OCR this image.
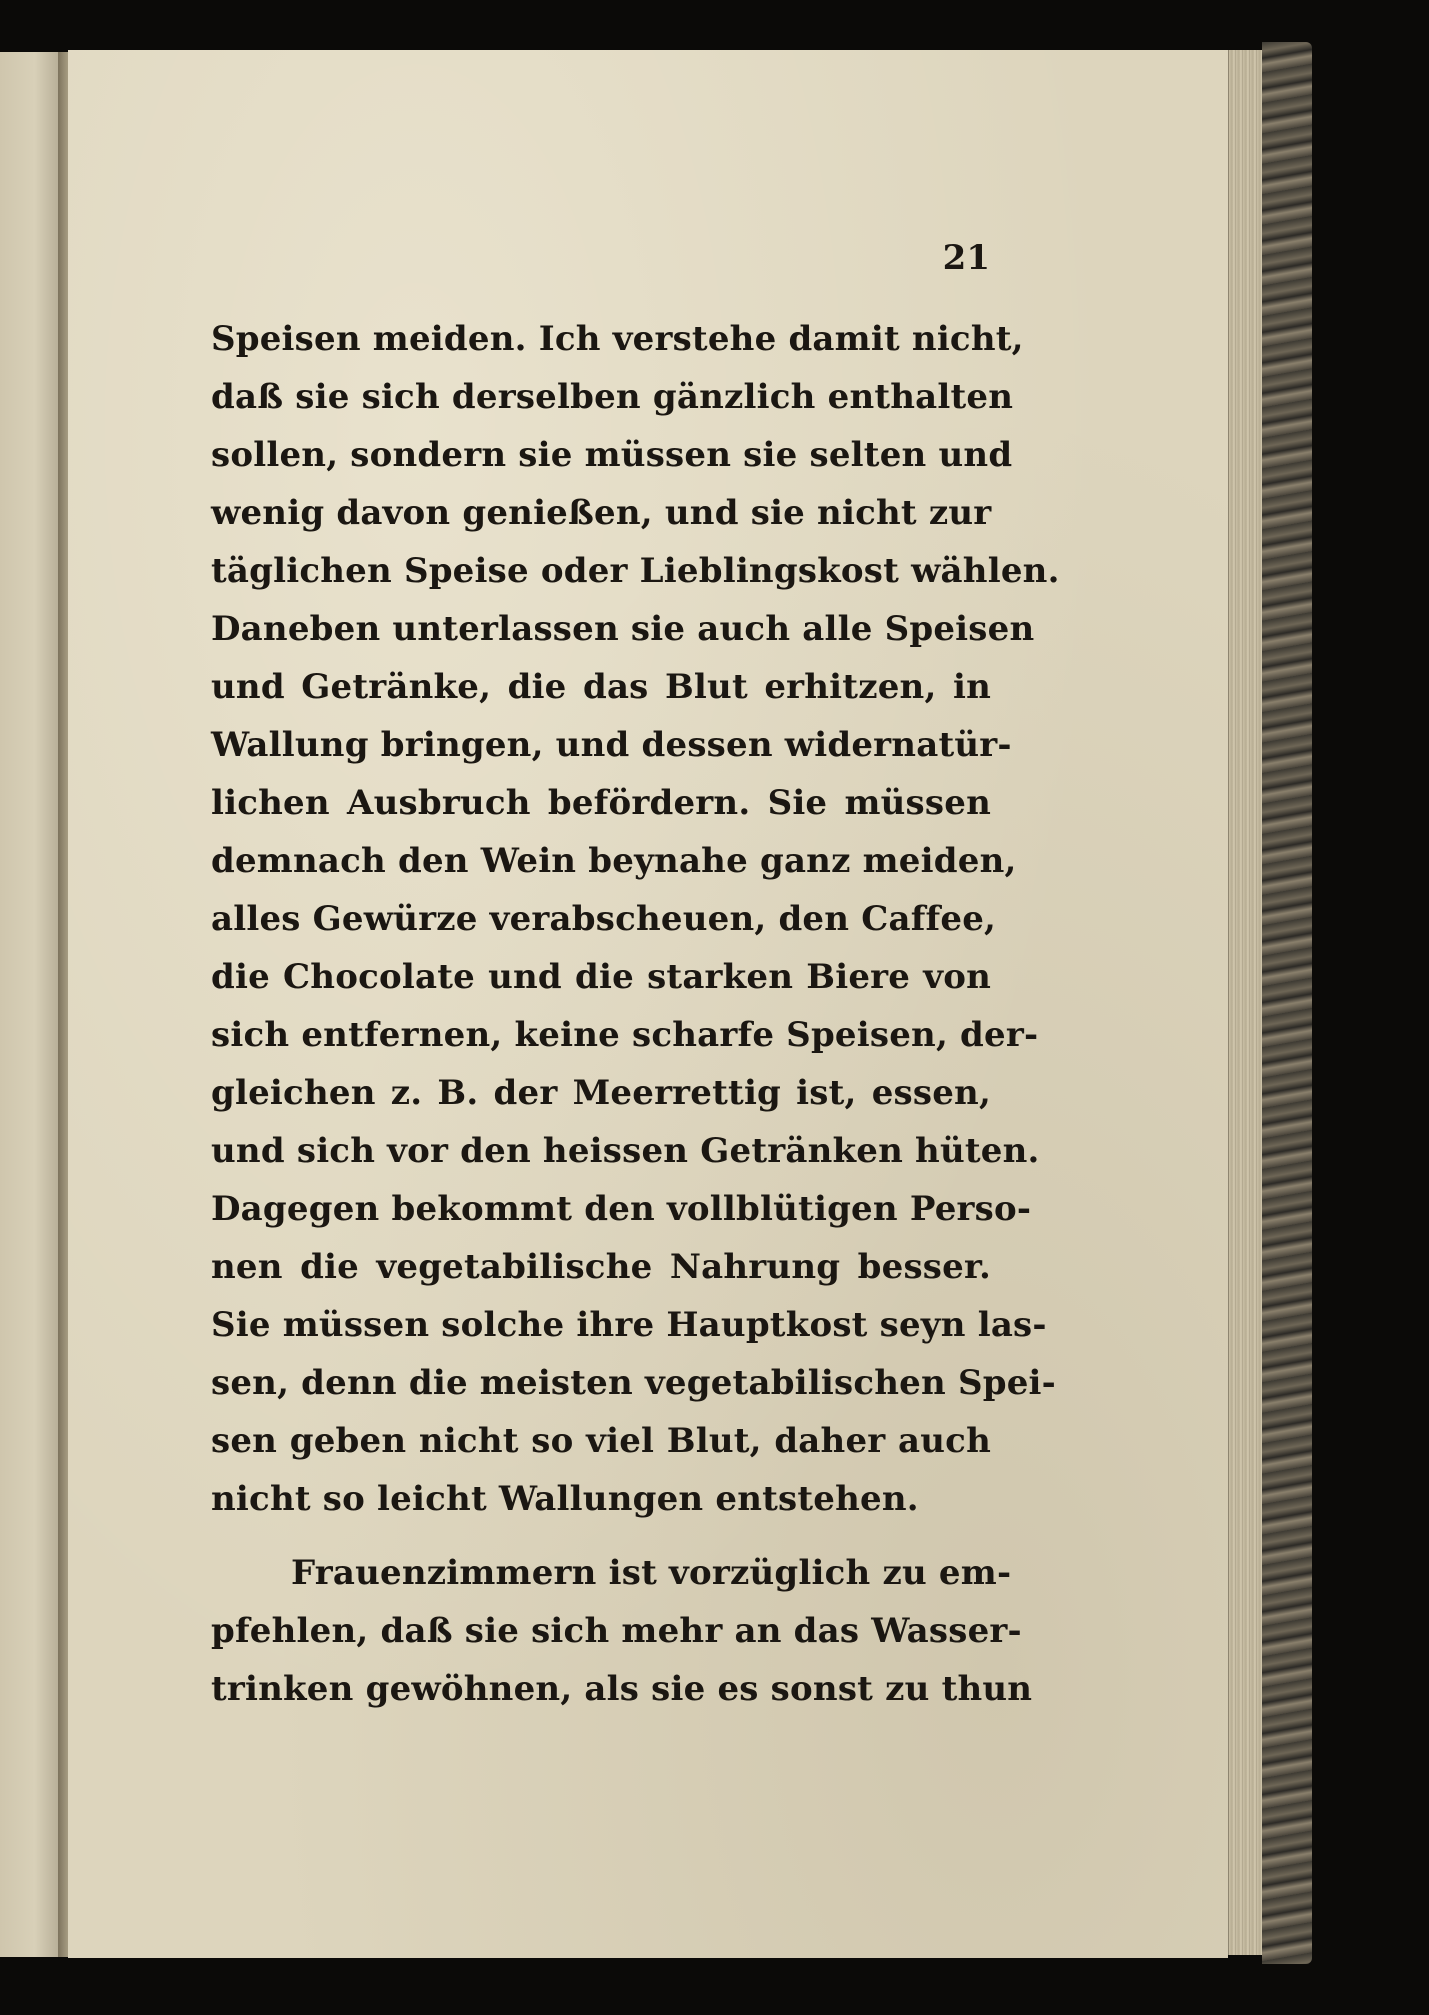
21
Speisen meiden. Ich verstehe damit nicht,
daß sie sich derselben gänzlich enthalten
sollen, sondern sie müssen sie selten und
wenig davon genießen, und sie nicht zur
täglichen Speise oder Lieblingskost wählen.
Daneben unterlassen sie auch alle Speisen
und Getränke, die das Blut erhitzen, in
Wallung bringen, und dessen widernatür-
lichen Ausbruch befördern. Sie müssen
demnach den Wein beynahe ganz meiden,
alles Gewürze verabscheuen, den Caffee,
die Chocolate und die starken Biere von
sich entfernen, keine scharfe Speisen, der-
gleichen z. B. der Meerrettig ist, essen,
und sich vor den heissen Getränken hüten.
Dagegen bekommt den vollblütigen Perso-
nen die vegetabilische Nahrung besser.
Sie müssen solche ihre Hauptkost seyn las-
sen, denn die meisten vegetabilischen Spei-
sen geben nicht so viel Blut, daher auch
nicht so leicht Wallungen entstehen.
Frauenzimmern ist vorzüglich zu em-
pfehlen, daß sie sich mehr an das Wasser-
trinken gewöhnen, als sie es sonst zu thun
